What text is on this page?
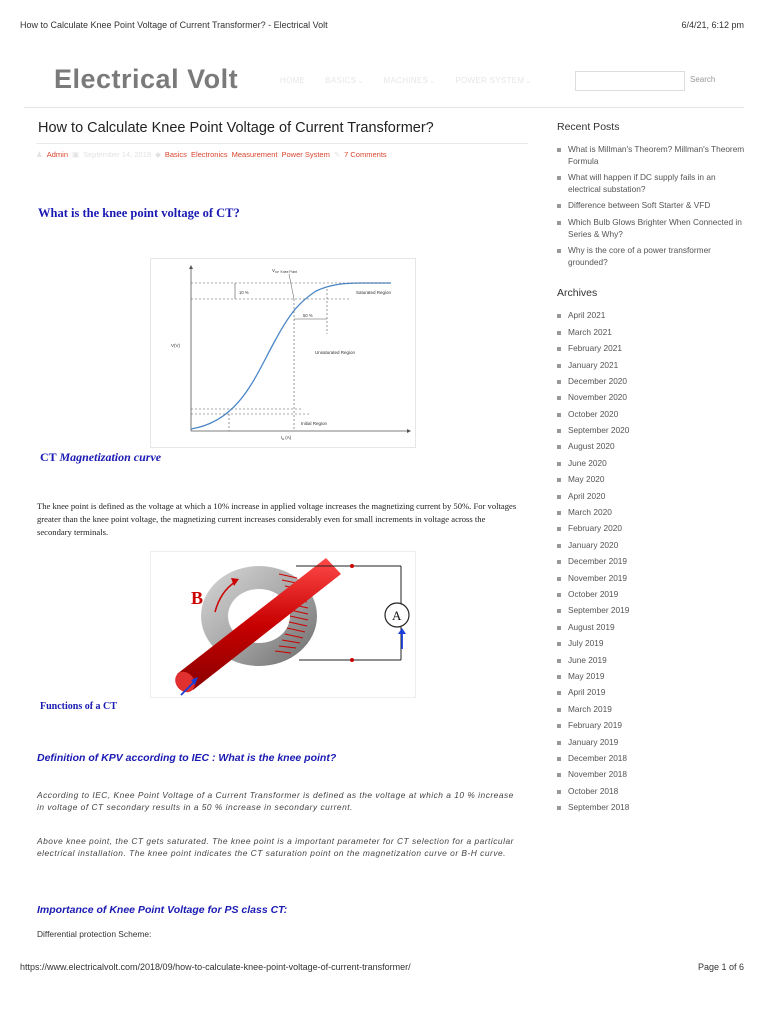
How to Calculate Knee Point Voltage of Current Transformer? - Electrical Volt	6/4/21, 6:12 pm
Electrical Volt	HOME	BASICS ⌄	MACHINES ⌄	POWER SYSTEM ⌄	Search
How to Calculate Knee Point Voltage of Current Transformer?
♟ Admin ▣ September 14, 2018 ◆ Basics Electronics Measurement Power System ✎ 7 Comments
What is the knee point voltage of CT?
$V_{KP}$ Knee Point
10 %
50 %
Saturated Region
Unsaturated Region
Initial Region
V(V)
$I_E(A)$
CT Magnetization curve

The knee point is defined as the voltage at which a 10% increase in applied voltage increases the magnetizing current by 50%. For voltages greater than the knee point voltage, the magnetizing current increases considerably even for small increments in voltage across the secondary terminals.

A
B
Functions of a CT
Definition of KPV according to IEC : What is the knee point?

According to IEC, Knee Point Voltage of a Current Transformer is defined as the voltage at which a 10 % increase in voltage of CT secondary results in a 50 % increase in secondary current.

Above knee point, the CT gets saturated. The knee point is a important parameter for CT selection for a particular electrical installation. The knee point indicates the CT saturation point on the magnetization curve or B-H curve.

Importance of Knee Point Voltage for PS class CT:
Differential protection Scheme:
Recent Posts
What is Millman's Theorem? Millman's Theorem Formula
What will happen if DC supply fails in an electrical substation?
Difference between Soft Starter & VFD
Which Bulb Glows Brighter When Connected in Series & Why?
Why is the core of a power transformer grounded?
Archives
April 2021
March 2021
February 2021
January 2021
December 2020
November 2020
October 2020
September 2020
August 2020
June 2020
May 2020
April 2020
March 2020
February 2020
January 2020
December 2019
November 2019
October 2019
September 2019
August 2019
July 2019
June 2019
May 2019
April 2019
March 2019
February 2019
January 2019
December 2018
November 2018
October 2018
September 2018
https://www.electricalvolt.com/2018/09/how-to-calculate-knee-point-voltage-of-current-transformer/	Page 1 of 6
